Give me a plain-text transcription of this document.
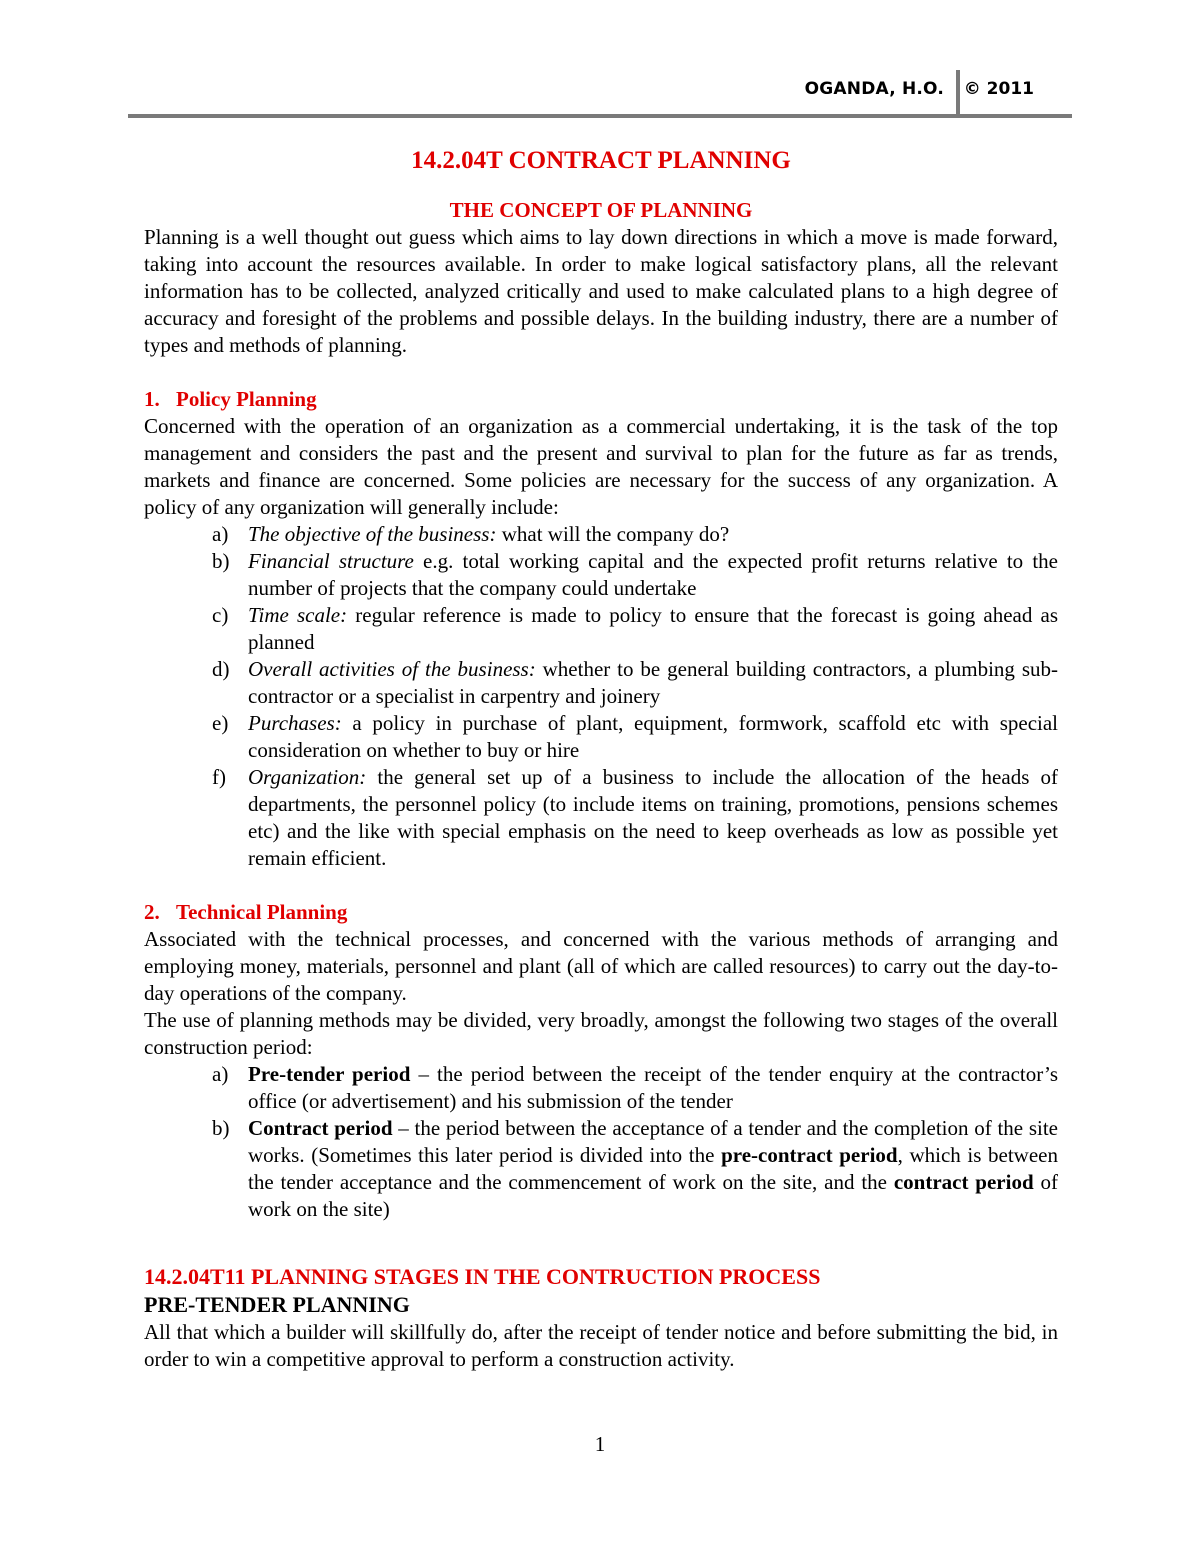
OGANDA, H.O. © 2011
14.2.04T CONTRACT PLANNING
THE CONCEPT OF PLANNING

Planning is a well thought out guess which aims to lay down directions in which a move is made forward, taking into account the resources available. In order to make logical satisfactory plans, all the relevant information has to be collected, analyzed critically and used to make calculated plans to a high degree of accuracy and foresight of the problems and possible delays. In the building industry, there are a number of types and methods of planning.

1. Policy Planning

Concerned with the operation of an organization as a commercial undertaking, it is the task of the top management and considers the past and the present and survival to plan for the future as far as trends, markets and finance are concerned. Some policies are necessary for the success of any organization. A policy of any organization will generally include:

a) The objective of the business: what will the company do?
b) Financial structure e.g. total working capital and the expected profit returns relative to the number of projects that the company could undertake
c) Time scale: regular reference is made to policy to ensure that the forecast is going ahead as planned
d) Overall activities of the business: whether to be general building contractors, a plumbing sub-contractor or a specialist in carpentry and joinery
e) Purchases: a policy in purchase of plant, equipment, formwork, scaffold etc with special consideration on whether to buy or hire
f) Organization: the general set up of a business to include the allocation of the heads of departments, the personnel policy (to include items on training, promotions, pensions schemes etc) and the like with special emphasis on the need to keep overheads as low as possible yet remain efficient.
2. Technical Planning

Associated with the technical processes, and concerned with the various methods of arranging and employing money, materials, personnel and plant (all of which are called resources) to carry out the day-to-day operations of the company.

The use of planning methods may be divided, very broadly, amongst the following two stages of the overall construction period:

a) Pre-tender period – the period between the receipt of the tender enquiry at the contractor’s office (or advertisement) and his submission of the tender
b) Contract period – the period between the acceptance of a tender and the completion of the site works. (Sometimes this later period is divided into the pre-contract period, which is between the tender acceptance and the commencement of work on the site, and the contract period of work on the site)
14.2.04T11 PLANNING STAGES IN THE CONTRUCTION PROCESS
PRE-TENDER PLANNING

All that which a builder will skillfully do, after the receipt of tender notice and before submitting the bid, in order to win a competitive approval to perform a construction activity.

1
